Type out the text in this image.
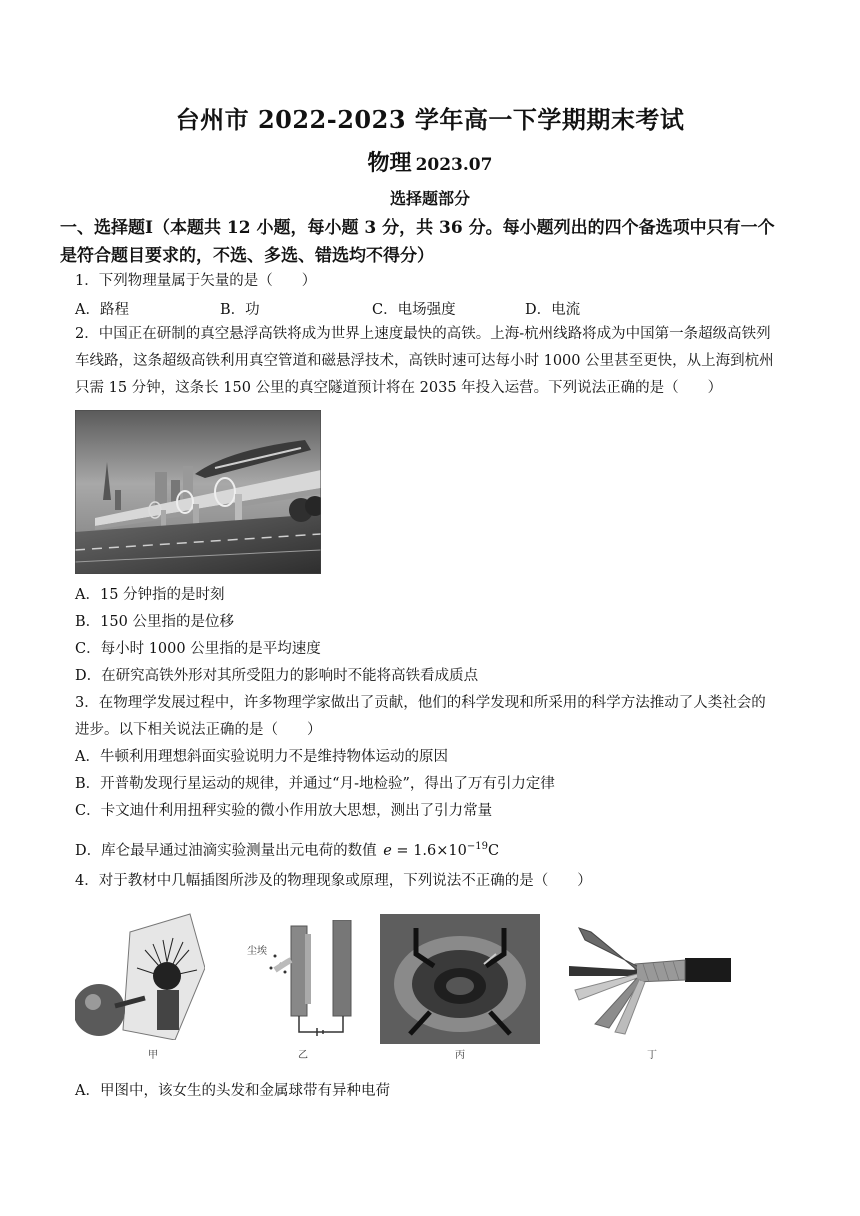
台州市 2022-2023 学年高一下学期期末考试
物理 2023.07
选择题部分
一、选择题Ⅰ（本题共 12 小题，每小题 3 分，共 36 分。每小题列出的四个备选项中只有一个
是符合题目要求的，不选、多选、错选均不得分）
1．下列物理量属于矢量的是（　　）
A．路程	B．功	C．电场强度	D．电流
2．中国正在研制的真空悬浮高铁将成为世界上速度最快的高铁。上海-杭州线路将成为中国第一条超级高铁列
车线路，这条超级高铁利用真空管道和磁悬浮技术，高铁时速可达每小时 1000 公里甚至更快，从上海到杭州
只需 15 分钟，这条长 150 公里的真空隧道预计将在 2035 年投入运营。下列说法正确的是（　　）
A．15 分钟指的是时刻
B．150 公里指的是位移
C．每小时 1000 公里指的是平均速度
D．在研究高铁外形对其所受阻力的影响时不能将高铁看成质点
3．在物理学发展过程中，许多物理学家做出了贡献，他们的科学发现和所采用的科学方法推动了人类社会的
进步。以下相关说法正确的是（　　）
A．牛顿利用理想斜面实验说明力不是维持物体运动的原因
B．开普勒发现行星运动的规律，并通过“月-地检验”，得出了万有引力定律
C．卡文迪什利用扭秤实验的微小作用放大思想，测出了引力常量
D．库仑最早通过油滴实验测量出元电荷的数值 $e = 1.6\times 10^{-19}C$
4．对于教材中几幅插图所涉及的物理现象或原理，下列说法不正确的是（　　）
甲
尘埃
乙	丙	丁
A．甲图中，该女生的头发和金属球带有异种电荷
